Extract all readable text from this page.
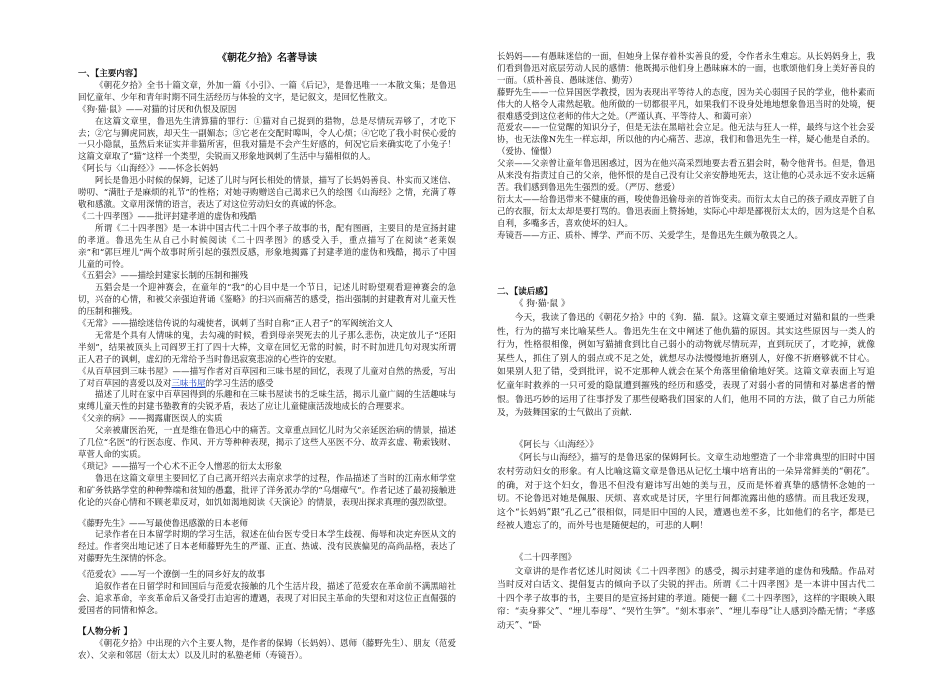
《朝花夕拾》名著导读
一、【主要内容】

《朝花夕拾》全书十篇文章，外加一篇《小引》、一篇《后记》，是鲁迅唯一一本散文集；是鲁迅回忆童年、少年和青年时期不同生活经历与体验的文字，是记叙文，是回忆性散文。

《狗·猫·鼠》——对猫的讨厌和仇恨及原因

在这篇文章里，鲁迅先生清算猫的罪行：①猫对自己捉到的猎物，总是尽情玩弄够了，才吃下去；②它与狮虎同族，却天生一副媚态；③它老在交配时嗥叫，令人心烦；④它吃了我小时侯心爱的一只小隐鼠，虽然后来证实并非猫所害，但我对猫是不会产生好感的，何况它后来确实吃了小兔子！这篇文章取了“猫”这样一个类型，尖锐而又形象地讽刺了生活中与猫相似的人。

《阿长与〈山海经〉》——怀念长妈妈

阿长是鲁迅小时候的保姆，记述了儿时与阿长相处的情景，描写了长妈妈善良、朴实而又迷信、唠叨、“满肚子是麻烦的礼节”的性格；对她寻购赠送自己渴求已久的绘图《山海经》之情，充满了尊敬和感激。文章用深情的语言，表达了对这位劳动妇女的真诚的怀念。

《二十四孝图》——批评封建孝道的虚伪和残酷

所谓《二十四孝图》是一本讲中国古代二十四个孝子故事的书，配有图画，主要目的是宣扬封建的孝道。鲁迅先生从自己小时候阅读《二十四孝图》的感受入手，重点描写了在阅读“老莱娱亲”和“郭巨埋儿”两个故事时所引起的强烈反感，形象地揭露了封建孝道的虚伪和残酷，揭示了中国儿童的可怜。

《五猖会》——描绘封建家长制的压制和摧残

五猖会是一个迎神赛会，在童年的“我”的心目中是一个节日，记述儿时盼望观看迎神赛会的急切，兴奋的心情，和被父亲强迫背诵《鉴略》的扫兴而痛苦的感受，指出强制的封建教育对儿童天性的压制和摧残。

《无常》——描绘迷信传说的勾魂使者，讽刺了当时自称“正人君子”的军阀统治文人

无常是个具有人情味的鬼，去勾魂的时候，看到母亲哭死去的儿子那么悲伤，决定放儿子“还阳半刻”，结果被顶头上司阎罗王打了四十大棒，文章在回忆无常的时候，时不时加进几句对现实所谓正人君子的讽刺，虚幻的无常给予当时鲁迅寂寞悲凉的心些许的安慰。

《从百草园到三味书屋》——描写作者对百草园和三味书屋的回忆，表现了儿童对自然的热爱，写出了对百草园的喜爱以及对三味书屋的学习生活的感受

描述了儿时在家中百草园得到的乐趣和在三味书屋读书的乏味生活，揭示儿童广阔的生活趣味与束缚儿童天性的封建书塾教育的尖锐矛盾，表达了应让儿童健康活泼地成长的合理要求。

《父亲的病》——揭露庸医误人的实质

父亲被庸医治死，一直是维在鲁迅心中的痛苦。文章重点回忆儿时为父亲延医治病的情景，描述了几位“名医”的行医态度、作风、开方等种种表现，揭示了这些人巫医不分、故弄玄虚、勒索钱财、草菅人命的实质。

《琐记》——描写一个心术不正令人憎恶的衍太太形象

鲁迅在这篇文章里主要回忆了自己离开绍兴去南京求学的过程，作品描述了当时的江南水师学堂和矿务铁路学堂的种种弊端和贫知的愚蠢，批评了洋务派办学的“乌烟瘴气”。作者记述了最初接触进化论的兴奋心情和不顾老辈反对，如饥如渴地阅读《天演论》的情景，表现出探求真理的强烈欲望。

《藤野先生》——写最使鲁迅感激的日本老师

记录作者在日本留学时期的学习生活，叙述在仙台医专受日本学生歧视、侮辱和决定弃医从文的经过。作者突出地记述了日本老师藤野先生的严谨、正直、热诚、没有民族偏见的高尚品格，表达了对藤野先生深情的怀念。

《范爱农》——写一个潦倒一生的同乡好友的故事

追叙作者在日留学时和回国后与范爱农接触的几个生活片段，描述了范爱农在革命前不满黑暗社会、追求革命，辛亥革命后又备受打击迫害的遭遇，表现了对旧民主革命的失望和对这位正直倔强的爱国者的同情和悼念。

【人物分析 】

《朝花夕拾》中出现的六个主要人物，是作者的保姆（长妈妈）、恩师（藤野先生）、朋友（范爱农）、父亲和邻居（衍太太）以及儿时的私塾老师（寿镜吾）。

长妈妈——有愚昧迷信的一面，但她身上保存着朴实善良的爱，令作者永生难忘。从长妈妈身上，我们看到鲁迅对底层劳动人民的感情：他既揭示他们身上愚昧麻木的一面，也歌颂他们身上美好善良的一面。（质朴善良、愚昧迷信、勤劳）

藤野先生——一位异国医学教授，因为表现出平等待人的态度，因为关心弱国子民的学业，他朴素而伟大的人格令人肃然起敬。他所做的一切都很平凡，如果我们不设身处地地想象鲁迅当时的处境，便很难感受到这位老师的伟大之处。（严谨认真、平等待人、和蔼可亲）

范爱农——一位觉醒的知识分子，但是无法在黑暗社会立足。他无法与狂人一样，最终与这个社会妥协，也无法像N先生一样忘却，所以他的内心痛苦、悲凉，我们和鲁迅先生一样，疑心他是自杀的。（爱协、憧憬）

父亲——父亲曾让童年鲁迅困惑过，因为在他兴高采烈地要去看五猖会时，勒令他背书。但是，鲁迅从来没有指责过自己的父亲，他怀恨的是自己没有让父亲安静地死去，这让他的心灵永远不安永远痛苦。我们感到鲁迅先生强烈的爱。（严厉、慈爱）

衍太太——给鲁迅带来不健康的画，唆使鲁迅偷母亲的首饰变卖。而衍太太自己的孩子顽皮弄脏了自己的衣服，衍太太却是要打骂的。鲁迅表面上赞扬她，实际心中却是鄙视衍太太的，因为这是个自私自利，多嘴多舌，喜欢使坏的妇人。

寿镜吾——方正、质朴、博学、严而不厉、关爱学生，是鲁迅先生颇为敬畏之人。

二、【读后感】

《 狗·猫·鼠 》

今天，我读了鲁迅的《朝花夕拾》中的《狗．猫．鼠》。这篇文章主要通过对猫和鼠的一些秉性，行为的描写来比喻某些人。鲁迅先生在文中阐述了他仇猫的原因。其实这些原因与一类人的行为，性格很相像，例如写猫捕食到比自己弱小的动物就尽情玩弄，直到玩厌了，才吃掉，就像某些人，抓住了别人的弱点或不足之处，就想尽办法慢慢地折磨别人，好像不折磨够就不甘心。如果别人犯了错，受到批评，说不定那种人就会在某个角落里偷偷地好笑。这篇文章表面上写追忆童年时救养的一只可爱的隐鼠遭到摧残的经历和感受，表现了对弱小者的同情和对暴虐者的憎恨。鲁迅巧妙的运用了往事抒发了那些侵略我们国家的人们，他用不同的方法，做了自己力所能及，为鼓舞国家的士气做出了贡献.

《阿长与〈山海经〉》

《阿长与山海经》，描写的是鲁迅家的保姆阿长。文章生动地塑造了一个非常典型的旧时中国农村劳动妇女的形象。有人比喻这篇文章是鲁迅从记忆土壤中培育出的一朵异常鲜美的“朝花”。的确，对于这个妇女，鲁迅不但没有避讳写出她的美与丑，反而是怀着真挚的感情怀念她的一切。不论鲁迅对她是佩服、厌烦、喜欢或是讨厌，字里行间都流露出他的感情。而且我还发现，这个“长妈妈”跟“孔乙己”很相似，同是旧中国的人民，遭遇也差不多，比如他们的名字，都是已经被人遗忘了的，而外号也是随便起的，可悲的人啊！

《二十四孝图》

文章讲的是作者忆述儿时阅读《二十四孝图》的感受，揭示封建孝道的虚伪和残酷。作品对当时反对白话文、提倡复古的倾向予以了尖锐的抨击。所谓《二十四孝图》是一本讲中国古代二十四个孝子故事的书，主要目的是宣扬封建的孝道。随便一翻《二十四孝图》，这样的字眼映入眼帘：“卖身葬父”、“埋儿奉母”、“哭竹生笋”。“刻木事亲”、“埋儿奉母”让人感到冷酷无情；“孝感动天”、“卧
